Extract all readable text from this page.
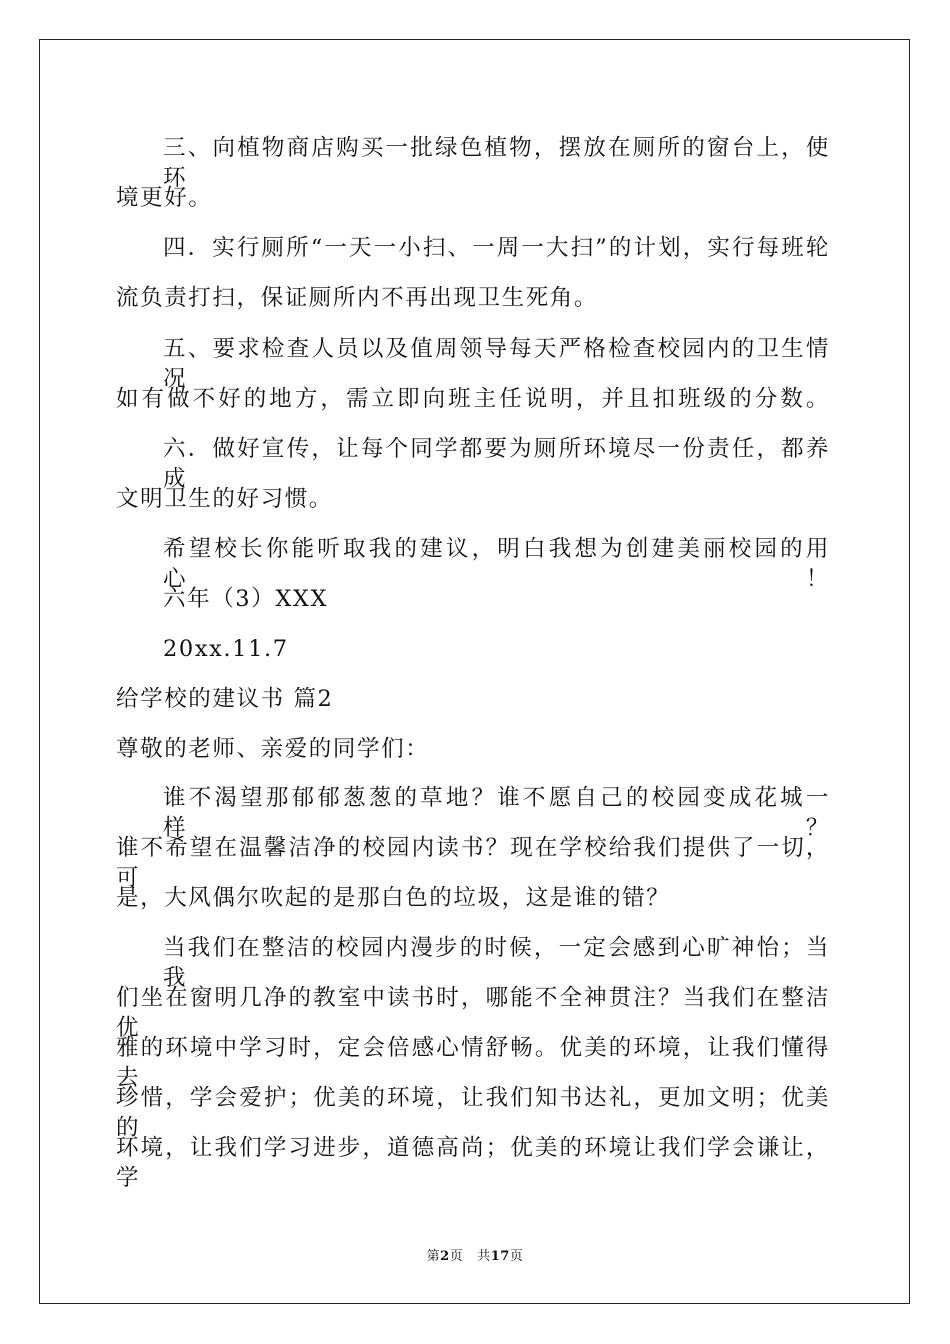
三、向植物商店购买一批绿色植物，摆放在厕所的窗台上，使环
境更好。
四．实行厕所“一天一小扫、一周一大扫”的计划，实行每班轮
流负责打扫，保证厕所内不再出现卫生死角。
五、要求检查人员以及值周领导每天严格检查校园内的卫生情况
如有做不好的地方，需立即向班主任说明，并且扣班级的分数。
六．做好宣传，让每个同学都要为厕所环境尽一份责任，都养成
文明卫生的好习惯。
希望校长你能听取我的建议，明白我想为创建美丽校园的用心！
六年（3）XXX
20xx.11.7
给学校的建议书 篇2
尊敬的老师、亲爱的同学们：
谁不渴望那郁郁葱葱的草地？谁不愿自己的校园变成花城一样？
谁不希望在温馨洁净的校园内读书？现在学校给我们提供了一切，可
是，大风偶尔吹起的是那白色的垃圾，这是谁的错？
当我们在整洁的校园内漫步的时候，一定会感到心旷神怡；当我
们坐在窗明几净的教室中读书时，哪能不全神贯注？当我们在整洁优
雅的环境中学习时，定会倍感心情舒畅。优美的环境，让我们懂得去
珍惜，学会爱护；优美的环境，让我们知书达礼，更加文明；优美的
环境，让我们学习进步，道德高尚；优美的环境让我们学会谦让，学
第2页 共17页
